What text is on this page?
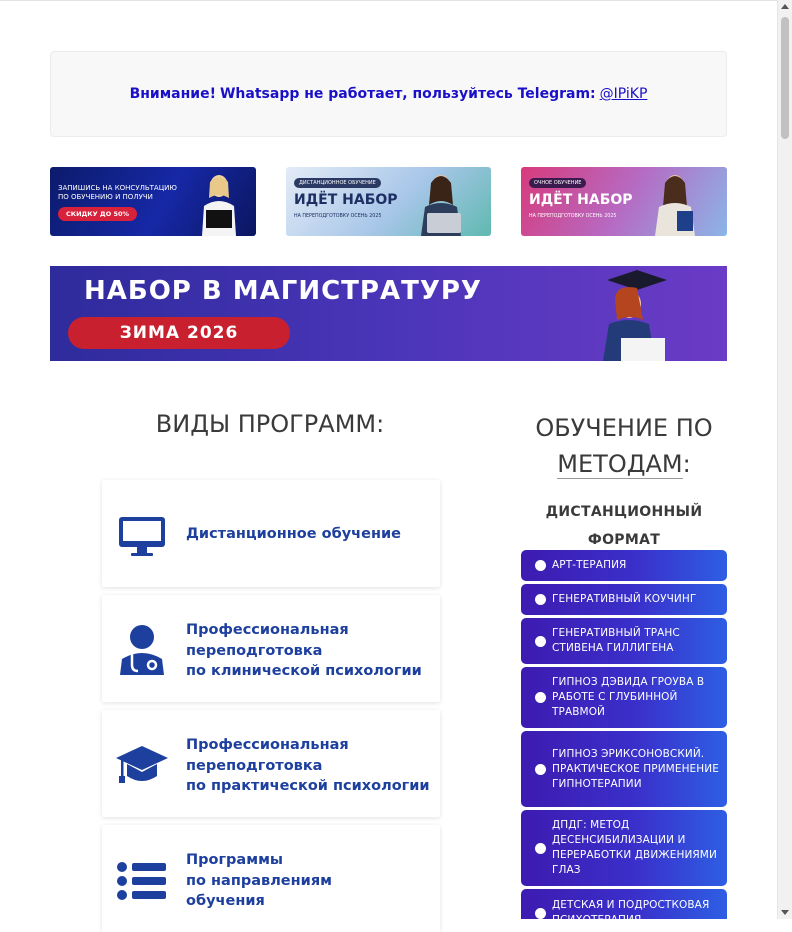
Внимание! Whatsapp не работает, пользуйтесь Telegram: @IPiKP
ЗАПИШИСЬ НА КОНСУЛЬТАЦИЮ
ПО ОБУЧЕНИЮ И ПОЛУЧИ
СКИДКУ ДО 50%
ДИСТАНЦИОННОЕ ОБУЧЕНИЕ
ИДЁТ НАБОР
НА ПЕРЕПОДГОТОВКУ ОСЕНЬ 2025
ОЧНОЕ ОБУЧЕНИЕ
ИДЁТ НАБОР
НА ПЕРЕПОДГОТОВКУ ОСЕНЬ 2025
НАБОР В МАГИСТРАТУРУ
ЗИМА 2026
ВИДЫ ПРОГРАММ:	ОБУЧЕНИЕ ПО
МЕТОДАМ:
Дистанционное обучение
Профессиональная
переподготовка
по клинической психологии
Профессиональная
переподготовка
по практической психологии
Программы
по направлениям
обучения
ДИСТАНЦИОННЫЙ
ФОРМАТ
АРТ-ТЕРАПИЯ
ГЕНЕРАТИВНЫЙ КОУЧИНГ
ГЕНЕРАТИВНЫЙ ТРАНС СТИВЕНА ГИЛЛИГЕНА
ГИПНОЗ ДЭВИДА ГРОУВА В РАБОТЕ С ГЛУБИННОЙ ТРАВМОЙ
ГИПНОЗ ЭРИКСОНОВСКИЙ. ПРАКТИЧЕСКОЕ ПРИМЕНЕНИЕ ГИПНОТЕРАПИИ
ДПДГ: МЕТОД ДЕСЕНСИБИЛИЗАЦИИ И ПЕРЕРАБОТКИ ДВИЖЕНИЯМИ ГЛАЗ
ДЕТСКАЯ И ПОДРОСТКОВАЯ ПСИХОТЕРАПИЯ
